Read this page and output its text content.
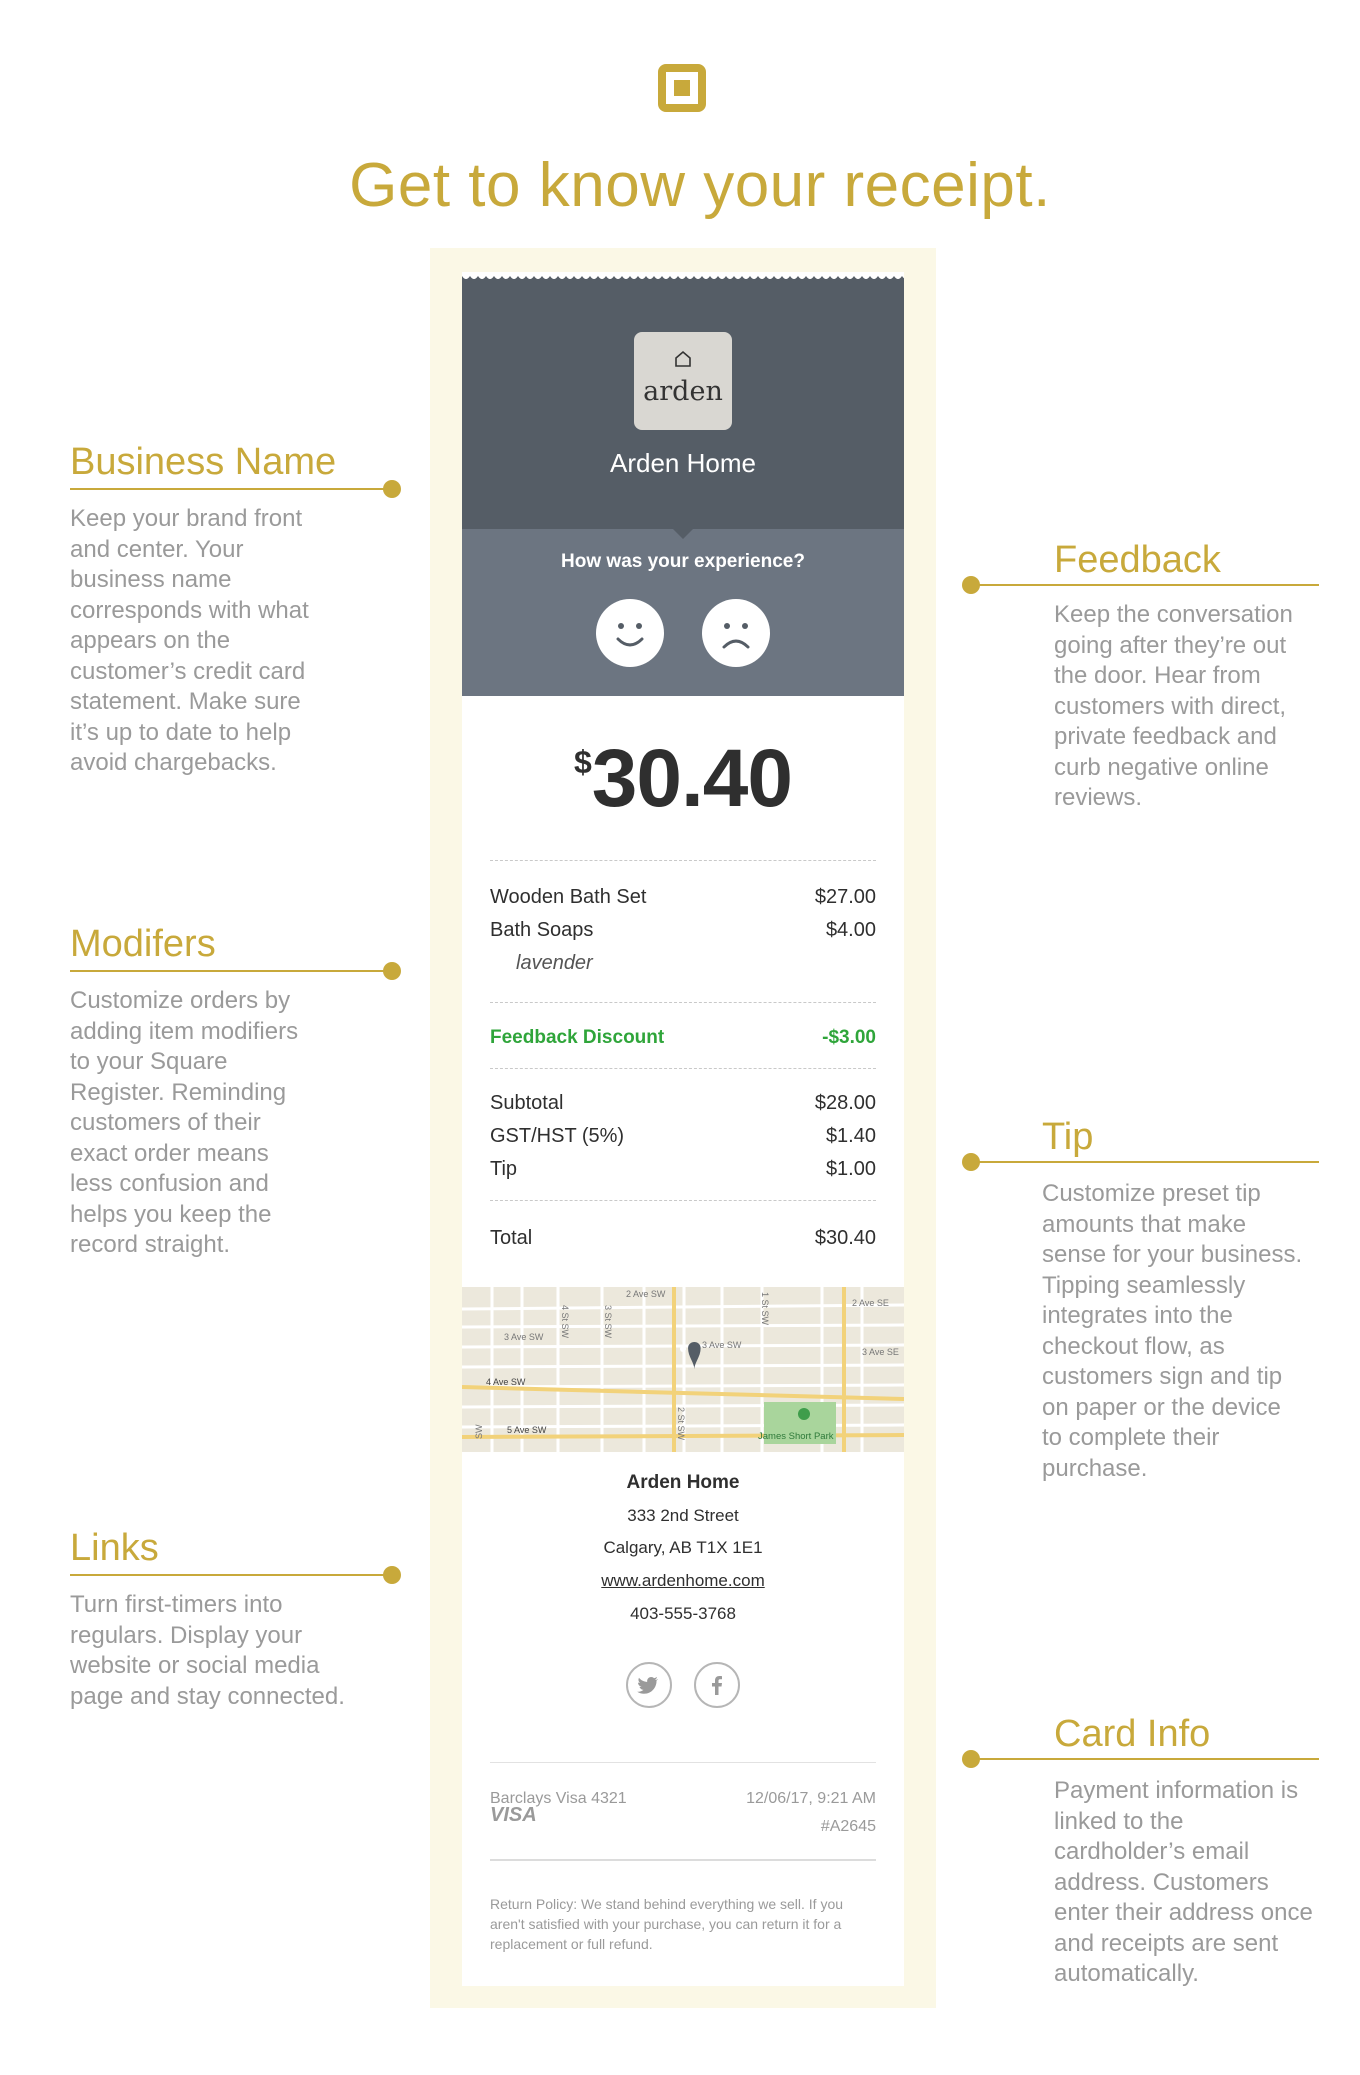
Get to know your receipt.
Business Name

Keep your brand front and center. Your business name corresponds with what appears on the customer’s credit card statement. Make sure it’s up to date to help avoid chargebacks.

Modifers

Customize orders by adding item modifiers to your Square Register. Reminding customers of their exact order means less confusion and helps you keep the record straight.

Links

Turn first-timers into regulars. Display your website or social media page and stay connected.

Feedback

Keep the conversation going after they’re out the door. Hear from customers with direct, private feedback and curb negative online reviews.

Tip

Customize preset tip amounts that make sense for your business. Tipping seamlessly integrates into the checkout flow, as customers sign and tip on paper or the device to complete their purchase.

Card Info

Payment information is linked to the cardholder’s email address. Customers enter their address once and receipts are sent automatically.

arden
Arden Home
How was your experience?
$30.40
Wooden Bath Set	$27.00
Bath Soaps	$4.00
lavender
Feedback Discount	-$3.00
Subtotal	$28.00
GST/HST (5%)	$1.40
Tip	$1.00
Total	$30.40
2 Ave SW
2 Ave SE
3 Ave SW
3 Ave SW
3 Ave SE
4 Ave SW
5 Ave SW
4 St SW	3 St SW
2 St SW
1 St SW
SW	James Short Park
Arden Home
333 2nd Street
Calgary, AB T1X 1E1
www.ardenhome.com
403-555-3768
Barclays Visa 4321	12/06/17, 9:21 AM
VISA
#A2645
Return Policy: We stand behind everything we sell. If you aren't satisfied with your purchase, you can return it for a replacement or full refund.
